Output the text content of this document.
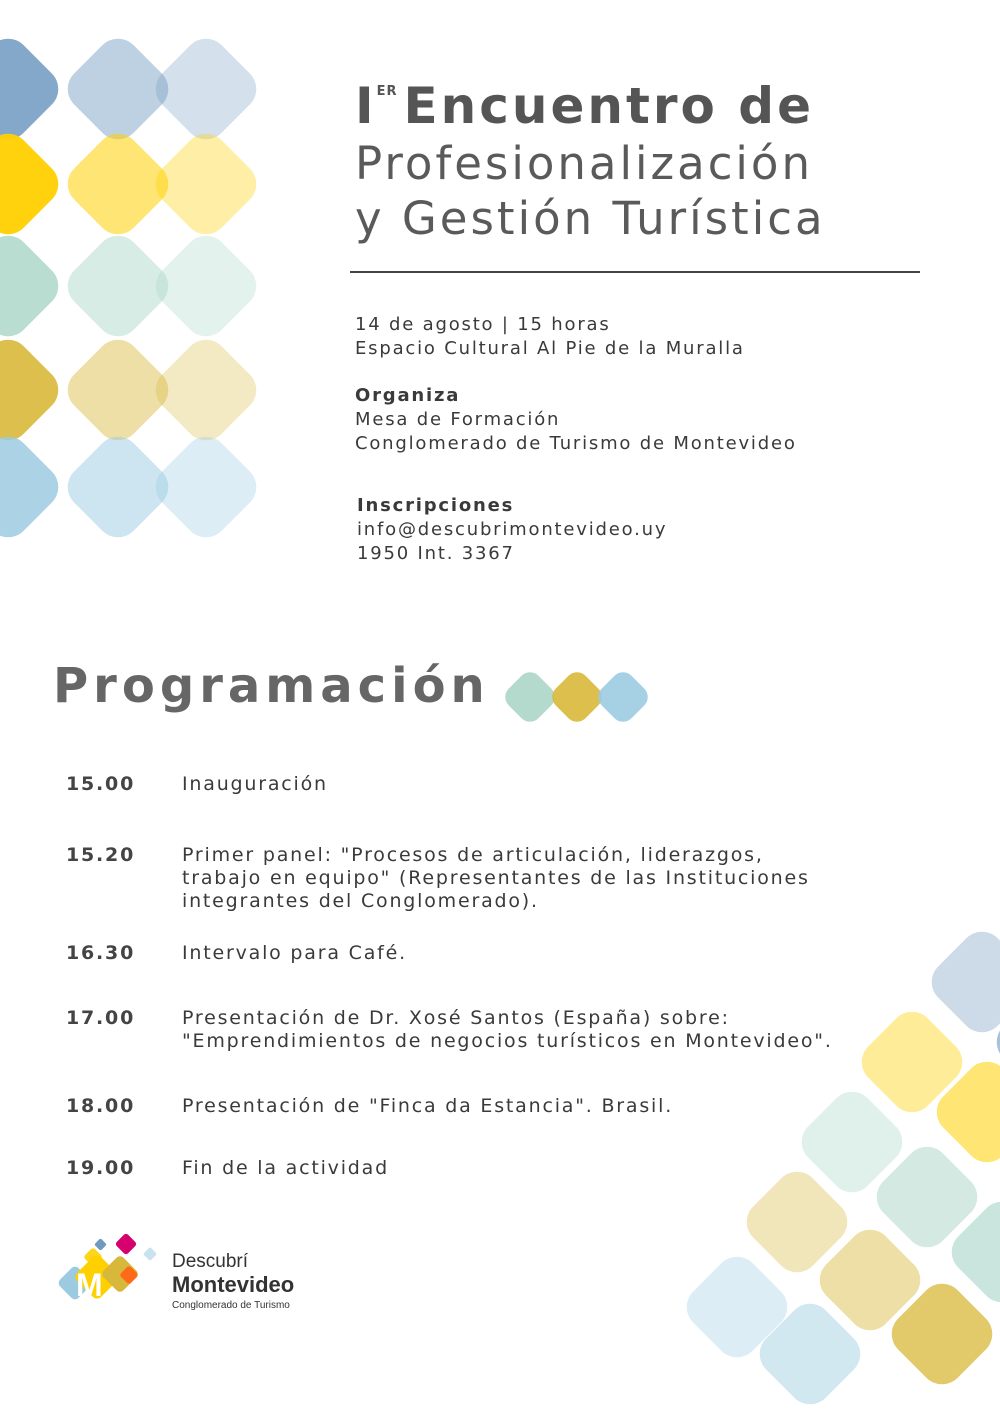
IER Encuentro de
Profesionalización
y Gestión Turística
14 de agosto | 15 horas
Espacio Cultural Al Pie de la Muralla
Organiza
Mesa de Formación
Conglomerado de Turismo de Montevideo
Inscripciones
info@descubrimontevideo.uy
1950 Int. 3367
Programación
15.00 Inauguración
15.20 Primer panel: "Procesos de articulación, liderazgos,
trabajo en equipo" (Representantes de las Instituciones
integrantes del Conglomerado).
16.30 Intervalo para Café.
17.00 Presentación de Dr. Xosé Santos (España) sobre:
"Emprendimientos de negocios turísticos en Montevideo".
18.00 Presentación de "Finca da Estancia". Brasil.
19.00 Fin de la actividad
M
Descubrí
Montevideo
Conglomerado de Turismo
